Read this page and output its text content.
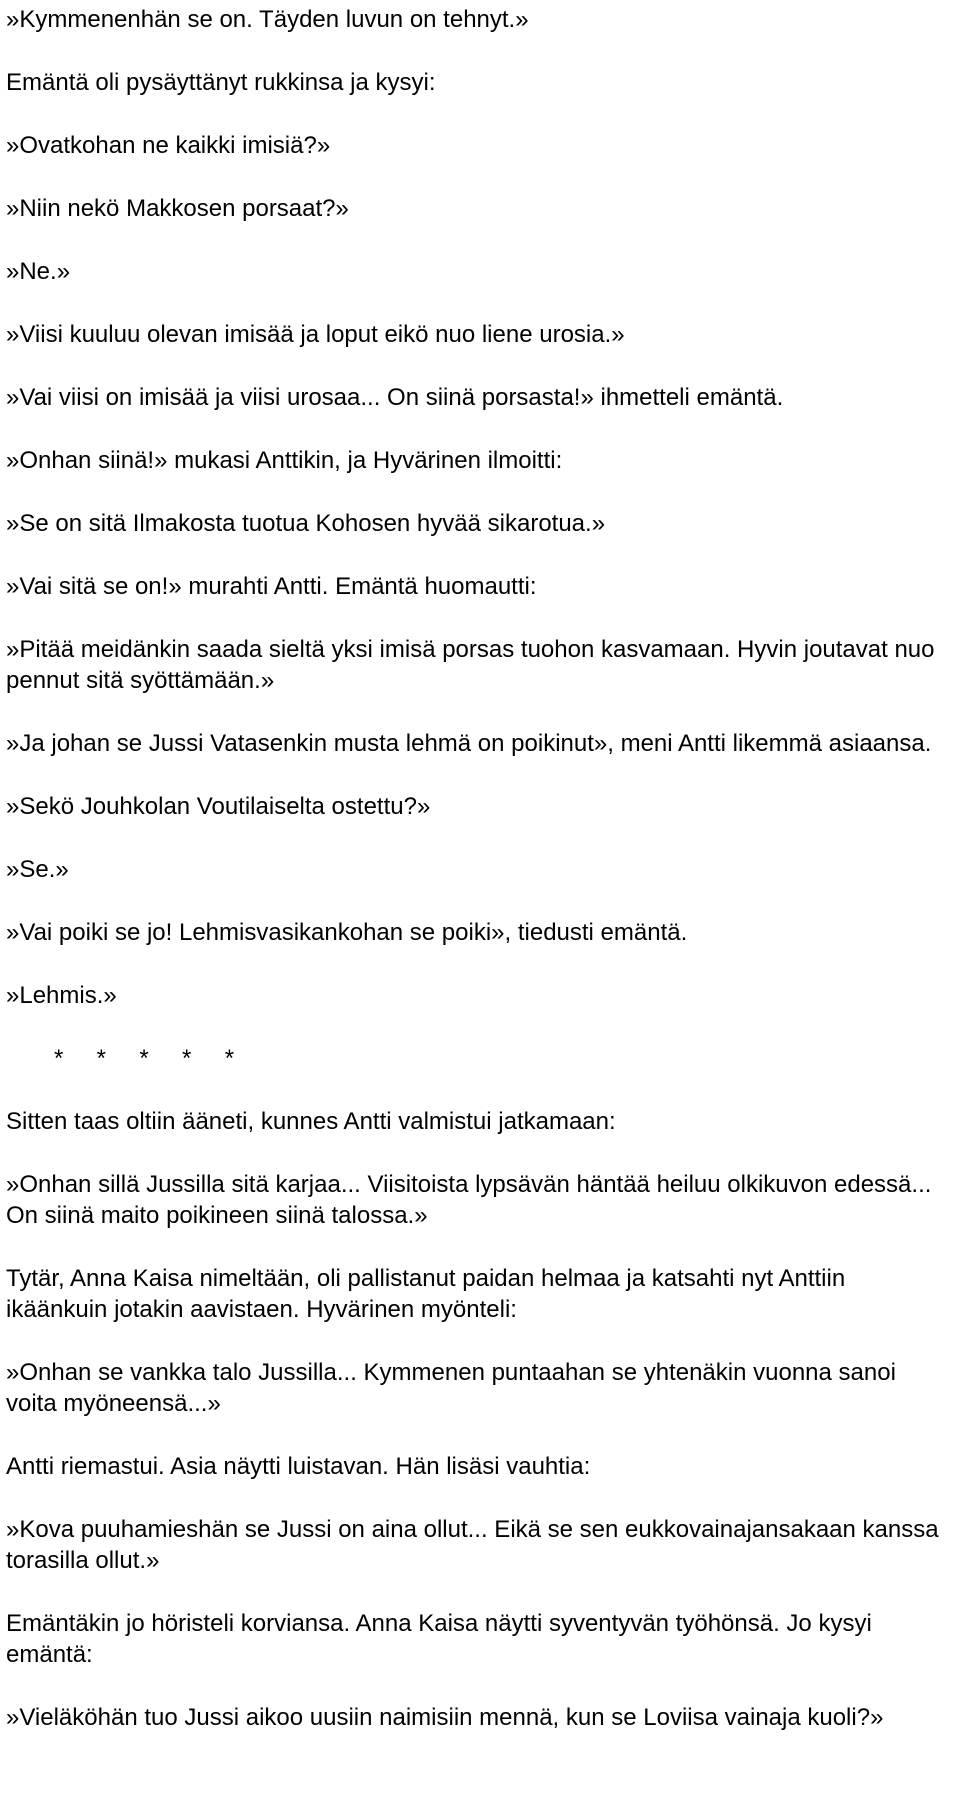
»Kymmenenhän se on. Täyden luvun on tehnyt.»

Emäntä oli pysäyttänyt rukkinsa ja kysyi:

»Ovatkohan ne kaikki imisiä?»

»Niin nekö Makkosen porsaat?»

»Ne.»

»Viisi kuuluu olevan imisää ja loput eikö nuo liene urosia.»

»Vai viisi on imisää ja viisi urosaa... On siinä porsasta!» ihmetteli emäntä.

»Onhan siinä!» mukasi Anttikin, ja Hyvärinen ilmoitti:

»Se on sitä Ilmakosta tuotua Kohosen hyvää sikarotua.»

»Vai sitä se on!» murahti Antti. Emäntä huomautti:

»Pitää meidänkin saada sieltä yksi imisä porsas tuohon kasvamaan. Hyvin joutavat nuo pennut sitä syöttämään.»

»Ja johan se Jussi Vatasenkin musta lehmä on poikinut», meni Antti likemmä asiaansa.

»Sekö Jouhkolan Voutilaiselta ostettu?»

»Se.»

»Vai poiki se jo! Lehmisvasikankohan se poiki», tiedusti emäntä.

»Lehmis.»

*     *     *     *     *

Sitten taas oltiin ääneti, kunnes Antti valmistui jatkamaan:

»Onhan sillä Jussilla sitä karjaa... Viisitoista lypsävän häntää heiluu olkikuvon edessä... On siinä maito poikineen siinä talossa.»

Tytär, Anna Kaisa nimeltään, oli pallistanut paidan helmaa ja katsahti nyt Anttiin ikäänkuin jotakin aavistaen. Hyvärinen myönteli:

»Onhan se vankka talo Jussilla... Kymmenen puntaahan se yhtenäkin vuonna sanoi voita myöneensä...»

Antti riemastui. Asia näytti luistavan. Hän lisäsi vauhtia:

»Kova puuhamieshän se Jussi on aina ollut... Eikä se sen eukkovainajansakaan kanssa torasilla ollut.»

Emäntäkin jo höristeli korviansa. Anna Kaisa näytti syventyvän työhönsä. Jo kysyi emäntä:

»Vieläköhän tuo Jussi aikoo uusiin naimisiin mennä, kun se Loviisa vainaja kuoli?»
